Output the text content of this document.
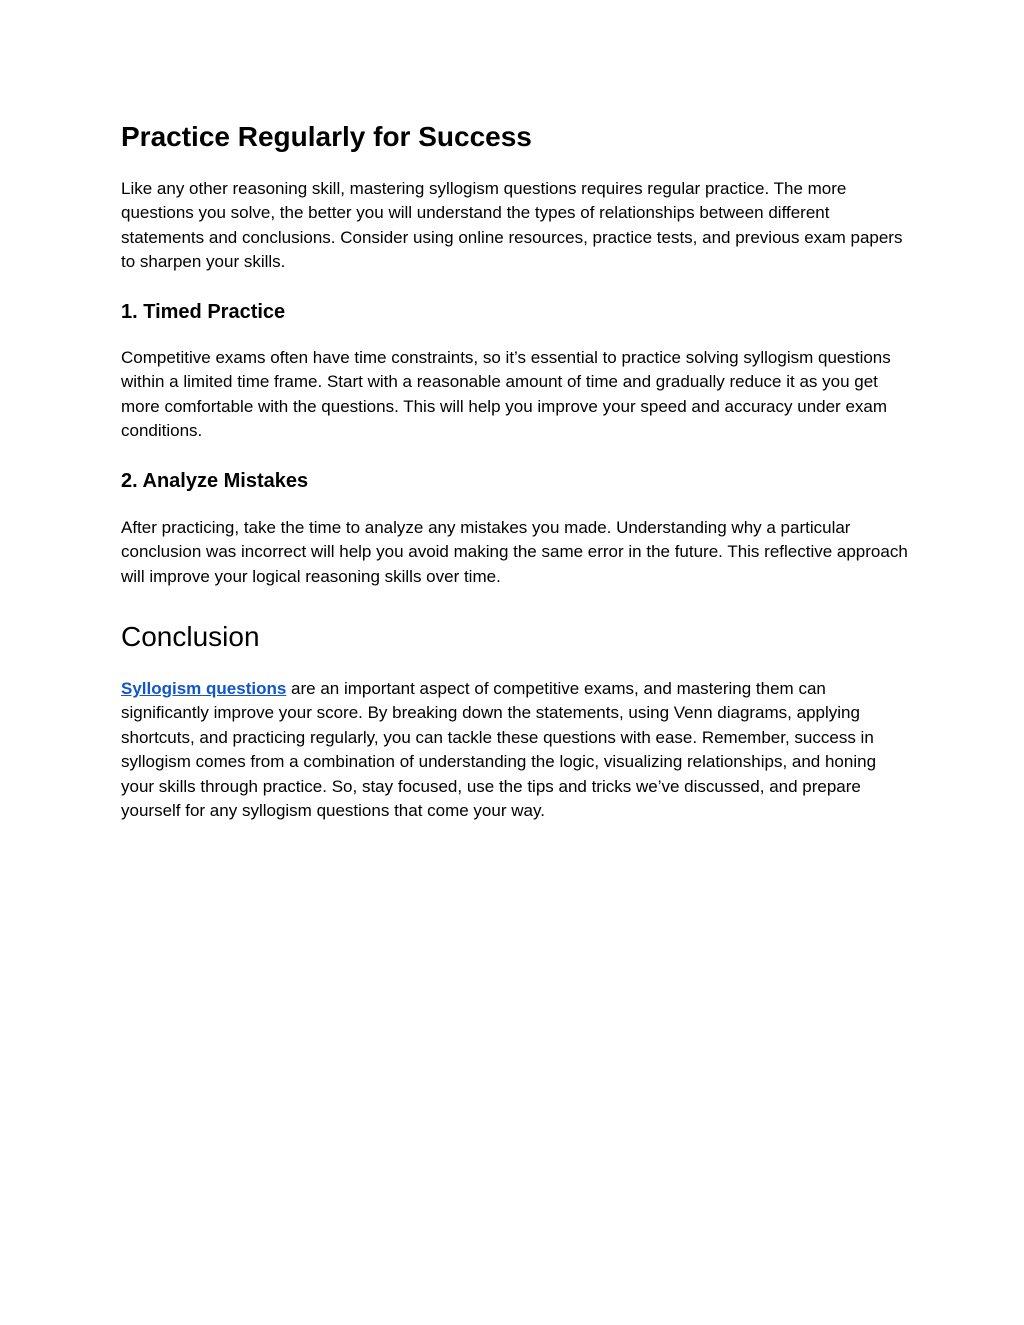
Practice Regularly for Success

Like any other reasoning skill, mastering syllogism questions requires regular practice. The more questions you solve, the better you will understand the types of relationships between different statements and conclusions. Consider using online resources, practice tests, and previous exam papers to sharpen your skills.

1. Timed Practice

Competitive exams often have time constraints, so it’s essential to practice solving syllogism questions within a limited time frame. Start with a reasonable amount of time and gradually reduce it as you get more comfortable with the questions. This will help you improve your speed and accuracy under exam conditions.

2. Analyze Mistakes

After practicing, take the time to analyze any mistakes you made. Understanding why a particular conclusion was incorrect will help you avoid making the same error in the future. This reflective approach will improve your logical reasoning skills over time.

Conclusion

Syllogism questions are an important aspect of competitive exams, and mastering them can significantly improve your score. By breaking down the statements, using Venn diagrams, applying shortcuts, and practicing regularly, you can tackle these questions with ease. Remember, success in syllogism comes from a combination of understanding the logic, visualizing relationships, and honing your skills through practice. So, stay focused, use the tips and tricks we’ve discussed, and prepare yourself for any syllogism questions that come your way.
